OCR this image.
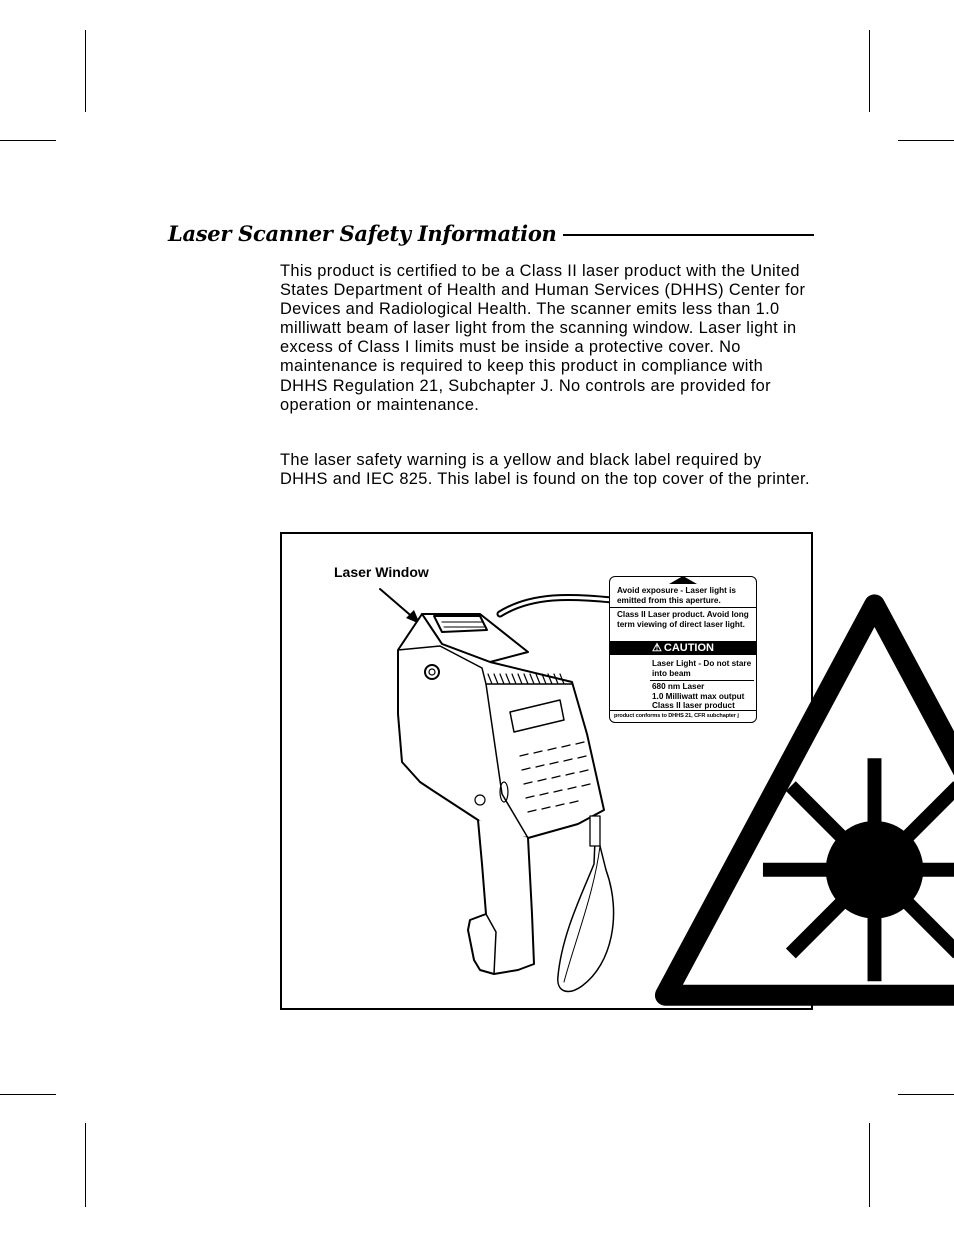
Laser Scanner Safety Information

This product is certified to be a Class II laser product with the United States Department of Health and Human Services (DHHS) Center for Devices and Radiological Health. The scanner emits less than 1.0 milliwatt beam of laser light from the scanning window. Laser light in excess of Class I limits must be inside a protective cover. No maintenance is required to keep this product in compliance with DHHS Regulation 21, Subchapter J. No controls are provided for operation or maintenance.

The laser safety warning is a yellow and black label required by DHHS and IEC 825. This label is found on the top cover of the printer.

Laser Window
Avoid exposure - Laser light is emitted from this aperture.
Class II Laser product. Avoid long term viewing of direct laser light.
⚠ CAUTION
Laser Light - Do not stare into beam
680 nm Laser
1.0 Milliwatt max output
Class II laser product
product conforms to DHHS 21, CFR subchapter j
